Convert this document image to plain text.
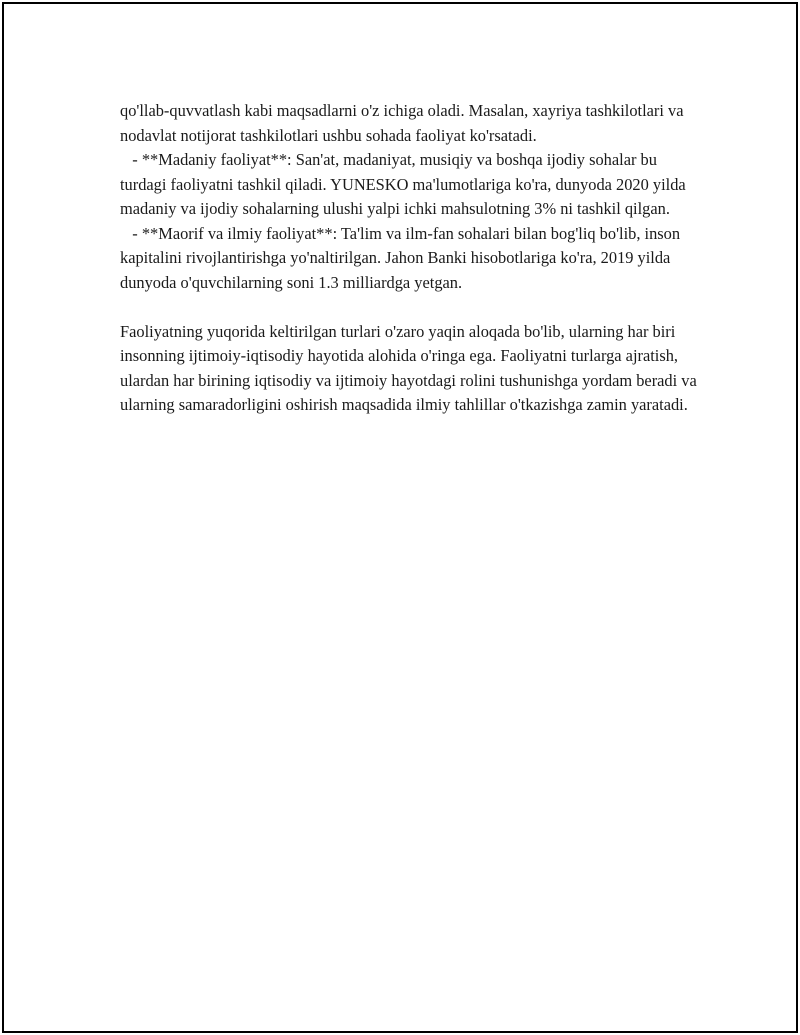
qo'llab-quvvatlash kabi maqsadlarni o'z ichiga oladi. Masalan, xayriya tashkilotlari va nodavlat notijorat tashkilotlari ushbu sohada faoliyat ko'rsatadi.

- **Madaniy faoliyat**: San'at, madaniyat, musiqiy va boshqa ijodiy sohalar bu turdagi faoliyatni tashkil qiladi. YUNESKO ma'lumotlariga ko'ra, dunyoda 2020 yilda madaniy va ijodiy sohalarning ulushi yalpi ichki mahsulotning 3% ni tashkil qilgan.

- **Maorif va ilmiy faoliyat**: Ta'lim va ilm-fan sohalari bilan bog'liq bo'lib, inson kapitalini rivojlantirishga yo'naltirilgan. Jahon Banki hisobotlariga ko'ra, 2019 yilda dunyoda o'quvchilarning soni 1.3 milliardga yetgan.

Faoliyatning yuqorida keltirilgan turlari o'zaro yaqin aloqada bo'lib, ularning har biri insonning ijtimoiy-iqtisodiy hayotida alohida o'ringa ega. Faoliyatni turlarga ajratish, ulardan har birining iqtisodiy va ijtimoiy hayotdagi rolini tushunishga yordam beradi va ularning samaradorligini oshirish maqsadida ilmiy tahlillar o'tkazishga zamin yaratadi.
